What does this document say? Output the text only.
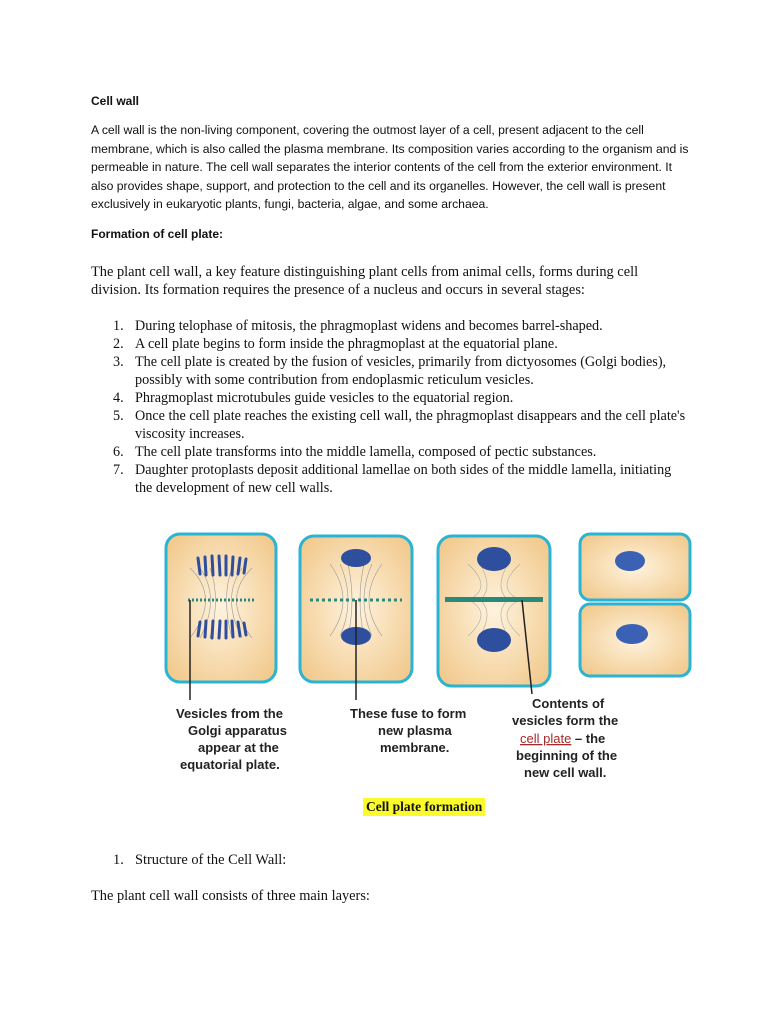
Cell wall
A cell wall is the non-living component, covering the outmost layer of a cell, present adjacent to the cell membrane, which is also called the plasma membrane. Its composition varies according to the organism and is permeable in nature. The cell wall separates the interior contents of the cell from the exterior environment. It also provides shape, support, and protection to the cell and its organelles. However, the cell wall is present exclusively in eukaryotic plants, fungi, bacteria, algae, and some archaea.
Formation of cell plate:
The plant cell wall, a key feature distinguishing plant cells from animal cells, forms during cell division. Its formation requires the presence of a nucleus and occurs in several stages:
1. During telophase of mitosis, the phragmoplast widens and becomes barrel-shaped.
2. A cell plate begins to form inside the phragmoplast at the equatorial plane.
3. The cell plate is created by the fusion of vesicles, primarily from dictyosomes (Golgi bodies), possibly with some contribution from endoplasmic reticulum vesicles.
4. Phragmoplast microtubules guide vesicles to the equatorial region.
5. Once the cell plate reaches the existing cell wall, the phragmoplast disappears and the cell plate's viscosity increases.
6. The cell plate transforms into the middle lamella, composed of pectic substances.
7. Daughter protoplasts deposit additional lamellae on both sides of the middle lamella, initiating the development of new cell walls.
Vesicles from the Golgi apparatus appear at the equatorial plate.
These fuse to form new plasma membrane.
Contents of vesicles form the cell plate – the beginning of the new cell wall.
Cell plate formation
1. Structure of the Cell Wall:
The plant cell wall consists of three main layers:
